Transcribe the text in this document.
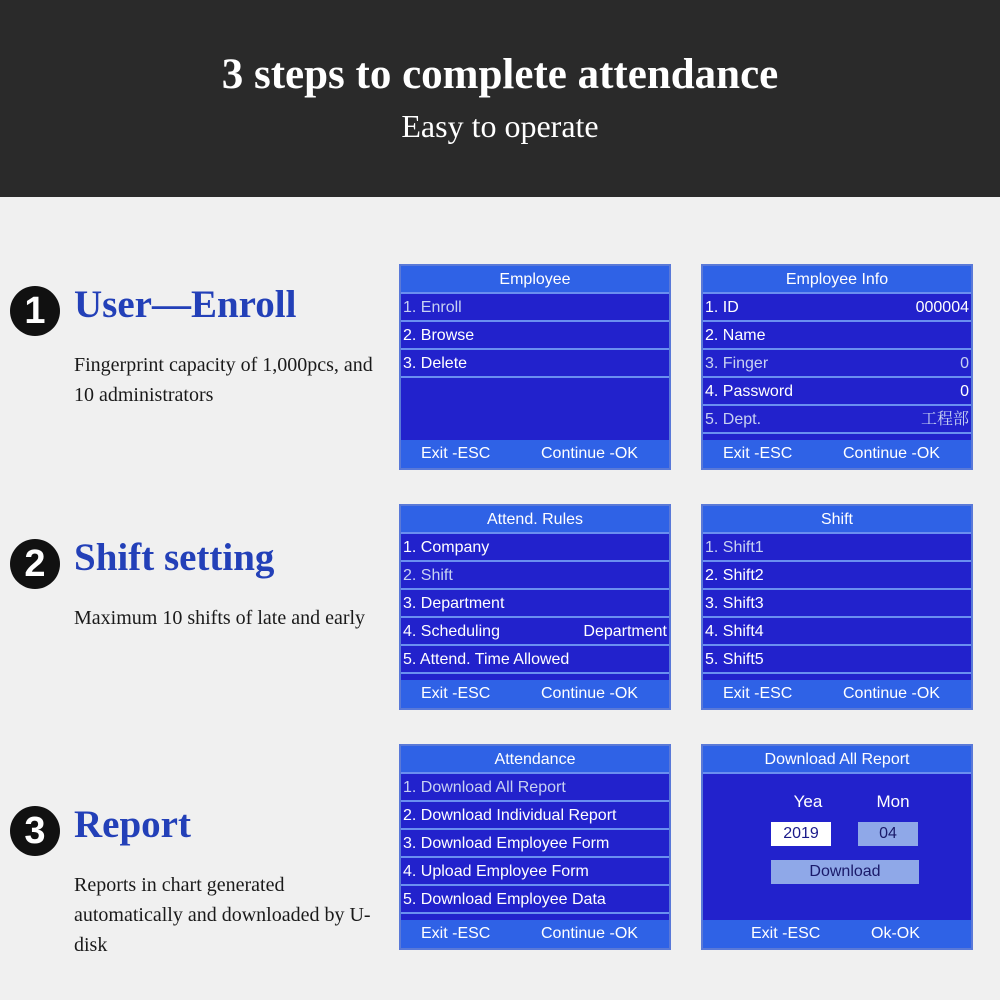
3 steps to complete attendance
Easy to operate
1 User—Enroll
Fingerprint capacity of 1,000pcs, and 10 administrators
2 Shift setting
Maximum 10 shifts of late and early
3 Report
Reports in chart generated automatically and downloaded by U-disk
Employee
1. Enroll
2. Browse
3. Delete
Exit -ESC	Continue -OK
Employee Info
1. ID	000004
2. Name
3. Finger	0
4. Password	0
5. Dept.	工程部
Exit -ESC	Continue -OK
Attend. Rules
1. Company
2. Shift
3. Department
4. Scheduling	Department
5. Attend. Time Allowed
Exit -ESC	Continue -OK
Shift
1. Shift1
2. Shift2
3. Shift3
4. Shift4
5. Shift5
Exit -ESC	Continue -OK
Attendance
1. Download All Report
2. Download Individual Report
3. Download Employee Form
4. Upload Employee Form
5. Download Employee Data
Exit -ESC	Continue -OK
Download All Report
Yea	Mon
2019	04
Download
Exit -ESC	Ok-OK
